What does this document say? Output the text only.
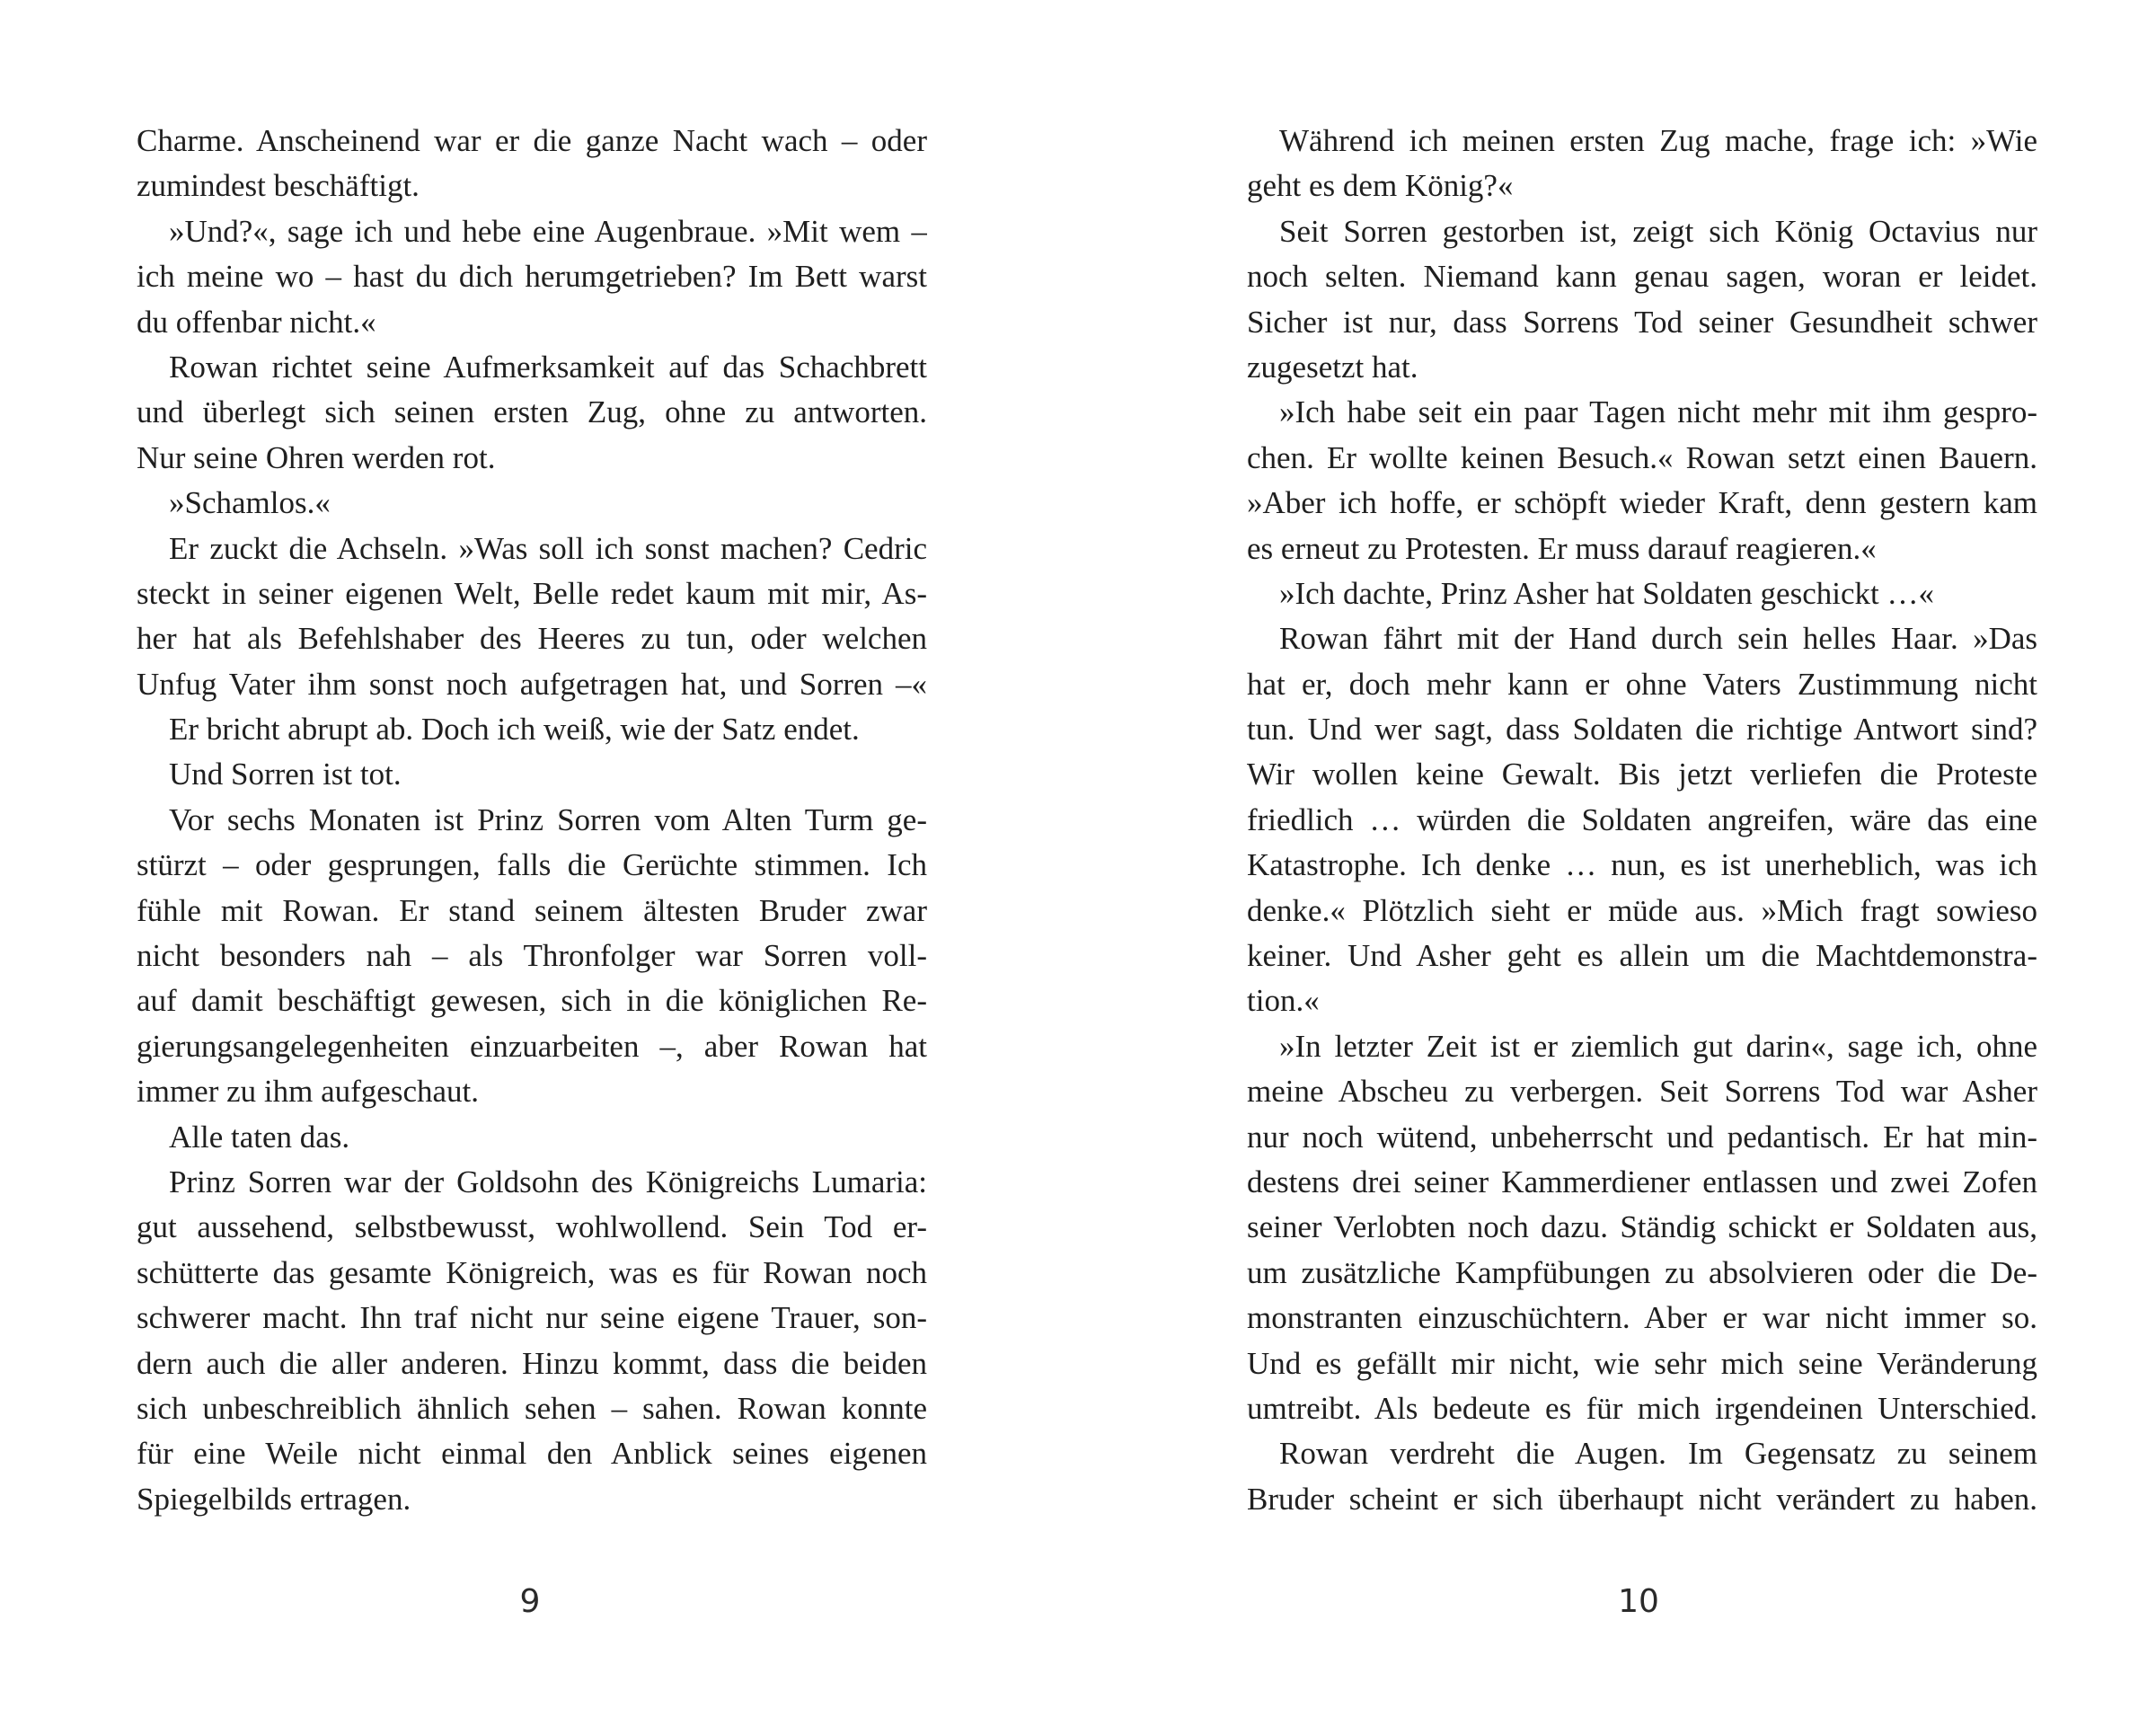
Charme. Anscheinend war er die ganze Nacht wach – oder
zumindest beschäftigt.
»Und?«, sage ich und hebe eine Augenbraue. »Mit wem –
ich meine wo – hast du dich herumgetrieben? Im Bett warst
du offenbar nicht.«
Rowan richtet seine Aufmerksamkeit auf das Schachbrett
und überlegt sich seinen ersten Zug, ohne zu antworten.
Nur seine Ohren werden rot.
»Schamlos.«
Er zuckt die Achseln. »Was soll ich sonst machen? Cedric
steckt in seiner eigenen Welt, Belle redet kaum mit mir, As-
her hat als Befehlshaber des Heeres zu tun, oder welchen
Unfug Vater ihm sonst noch aufgetragen hat, und Sorren –«
Er bricht abrupt ab. Doch ich weiß, wie der Satz endet.
Und Sorren ist tot.
Vor sechs Monaten ist Prinz Sorren vom Alten Turm ge-
stürzt – oder gesprungen, falls die Gerüchte stimmen. Ich
fühle mit Rowan. Er stand seinem ältesten Bruder zwar
nicht besonders nah – als Thronfolger war Sorren voll-
auf damit beschäftigt gewesen, sich in die königlichen Re-
gierungsangelegenheiten einzuarbeiten –, aber Rowan hat
immer zu ihm aufgeschaut.
Alle taten das.
Prinz Sorren war der Goldsohn des Königreichs Lumaria:
gut aussehend, selbstbewusst, wohlwollend. Sein Tod er-
schütterte das gesamte Königreich, was es für Rowan noch
schwerer macht. Ihn traf nicht nur seine eigene Trauer, son-
dern auch die aller anderen. Hinzu kommt, dass die beiden
sich unbeschreiblich ähnlich sehen – sahen. Rowan konnte
für eine Weile nicht einmal den Anblick seines eigenen
Spiegelbilds ertragen.
9
Während ich meinen ersten Zug mache, frage ich: »Wie
geht es dem König?«
Seit Sorren gestorben ist, zeigt sich König Octavius nur
noch selten. Niemand kann genau sagen, woran er leidet.
Sicher ist nur, dass Sorrens Tod seiner Gesundheit schwer
zugesetzt hat.
»Ich habe seit ein paar Tagen nicht mehr mit ihm gespro-
chen. Er wollte keinen Besuch.« Rowan setzt einen Bauern.
»Aber ich hoffe, er schöpft wieder Kraft, denn gestern kam
es erneut zu Protesten. Er muss darauf reagieren.«
»Ich dachte, Prinz Asher hat Soldaten geschickt …«
Rowan fährt mit der Hand durch sein helles Haar. »Das
hat er, doch mehr kann er ohne Vaters Zustimmung nicht
tun. Und wer sagt, dass Soldaten die richtige Antwort sind?
Wir wollen keine Gewalt. Bis jetzt verliefen die Proteste
friedlich … würden die Soldaten angreifen, wäre das eine
Katastrophe. Ich denke … nun, es ist unerheblich, was ich
denke.« Plötzlich sieht er müde aus. »Mich fragt sowieso
keiner. Und Asher geht es allein um die Machtdemonstra-
tion.«
»In letzter Zeit ist er ziemlich gut darin«, sage ich, ohne
meine Abscheu zu verbergen. Seit Sorrens Tod war Asher
nur noch wütend, unbeherrscht und pedantisch. Er hat min-
destens drei seiner Kammerdiener entlassen und zwei Zofen
seiner Verlobten noch dazu. Ständig schickt er Soldaten aus,
um zusätzliche Kampfübungen zu absolvieren oder die De-
monstranten einzuschüchtern. Aber er war nicht immer so.
Und es gefällt mir nicht, wie sehr mich seine Veränderung
umtreibt. Als bedeute es für mich irgendeinen Unterschied.
Rowan verdreht die Augen. Im Gegensatz zu seinem
Bruder scheint er sich überhaupt nicht verändert zu haben.
10
